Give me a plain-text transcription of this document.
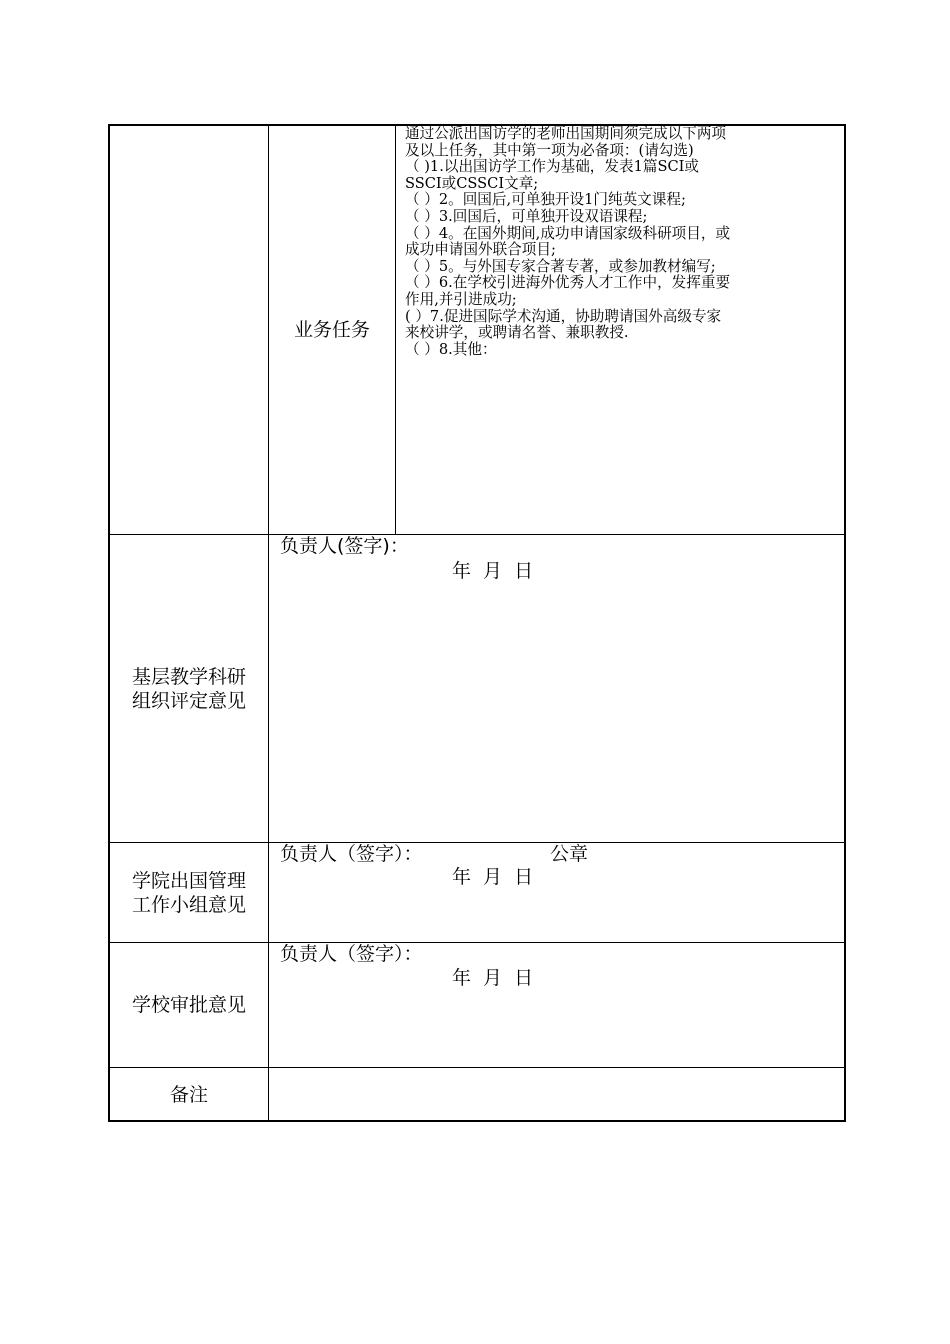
业务任务
通过公派出国访学的老师出国期间须完成以下两项
及以上任务，其中第一项为必备项：(请勾选)
（ )1.以出国访学工作为基础，发表1篇SCI或
SSCI或CSSCI文章;
（ ）2。回国后,可单独开设1门纯英文课程;
（ ）3.回国后，可单独开设双语课程;
（ ）4。在国外期间,成功申请国家级科研项目，或
成功申请国外联合项目;
（ ）5。与外国专家合著专著，或参加教材编写;
（ ）6.在学校引进海外优秀人才工作中，发挥重要
作用,并引进成功;
( ）7.促进国际学术沟通，协助聘请国外高级专家
来校讲学，或聘请名誉、兼职教授.
（ ）8.其他：
基层教学科研
组织评定意见
负责人(签字)：
年 月 日
学院出国管理
工作小组意见
负责人（签字）：	公章
年 月 日
学校审批意见
负责人（签字）：
年 月 日
备注
